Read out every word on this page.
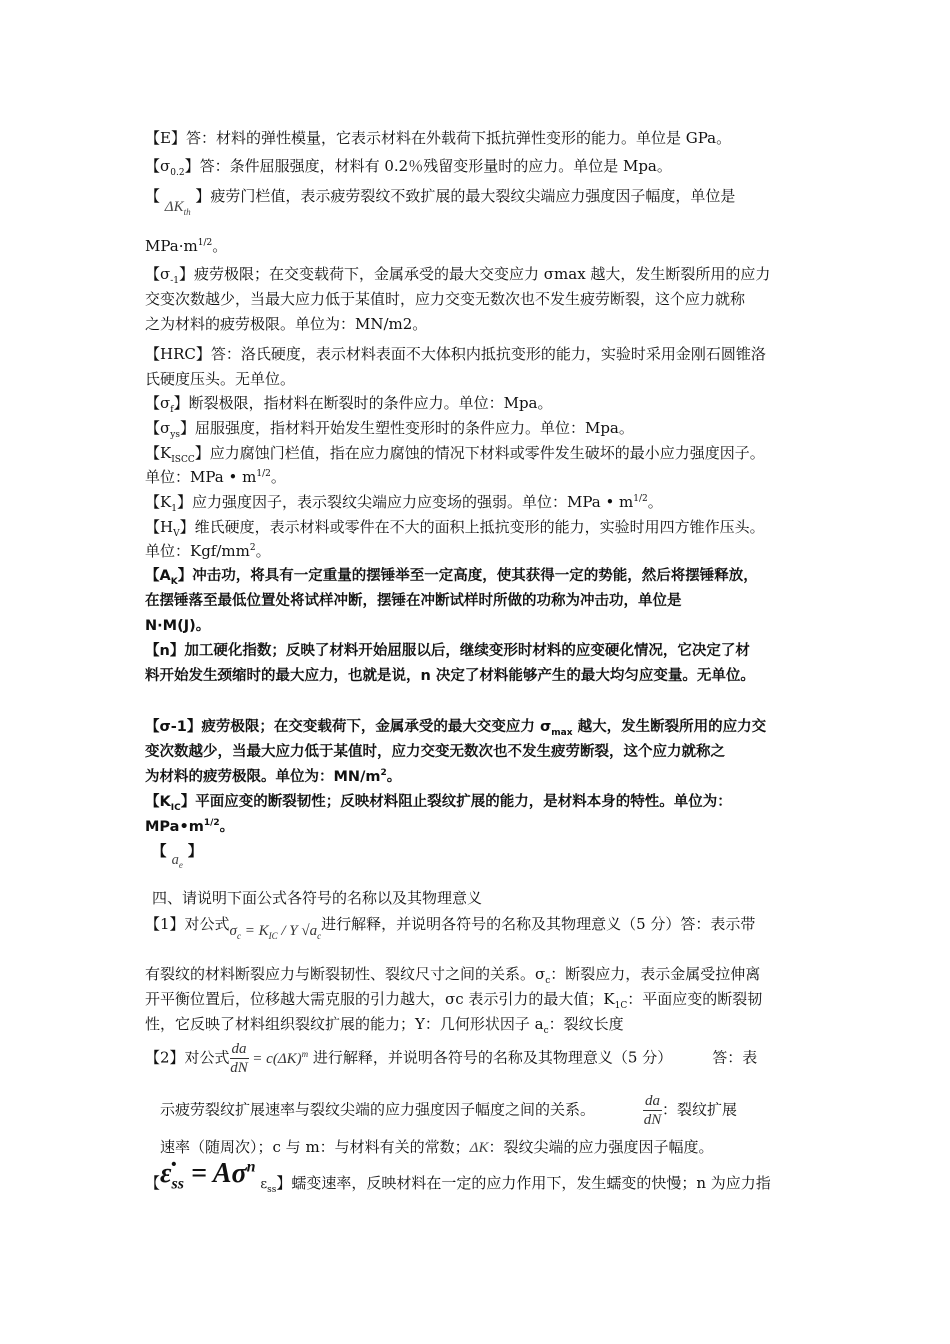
【E】答：材料的弹性模量，它表示材料在外载荷下抵抗弹性变形的能力。单位是 GPa。
【$\sigma_{0.2}$】答：条件屈服强度，材料有 0.2％残留变形量时的应力。单位是 Mpa。
【 $\Delta K_{th}$ 】疲劳门栏值，表示疲劳裂纹不致扩展的最大裂纹尖端应力强度因子幅度，单位是
$MPa\cdot m^{1/2}$。
【$\sigma_{-1}$】疲劳极限；在交变载荷下，金属承受的最大交变应力 σmax 越大，发生断裂所用的应力
交变次数越少，当最大应力低于某值时，应力交变无数次也不发生疲劳断裂，这个应力就称
之为材料的疲劳极限。单位为：MN/m2。
【HRC】答：洛氏硬度，表示材料表面不大体积内抵抗变形的能力，实验时采用金刚石圆锥洛
氏硬度压头。无单位。
【$\sigma_f$】断裂极限，指材料在断裂时的条件应力。单位：Mpa。
【$\sigma_{ys}$】屈服强度，指材料开始发生塑性变形时的条件应力。单位：Mpa。
【$K_{ISCC}$】应力腐蚀门栏值，指在应力腐蚀的情况下材料或零件发生破坏的最小应力强度因子。
单位：MPa • $m^{1/2}$。
【$K_1$】应力强度因子，表示裂纹尖端应力应变场的强弱。单位：MPa • $m^{1/2}$。
【$H_V$】维氏硬度，表示材料或零件在不大的面积上抵抗变形的能力，实验时用四方锥作压头。
单位：Kgf/$mm^2$。
【$A_K$】冲击功，将具有一定重量的摆锤举至一定高度，使其获得一定的势能，然后将摆锤释放，
在摆锤落至最低位置处将试样冲断，摆锤在冲断试样时所做的功称为冲击功，单位是
N·M(J)。
【n】加工硬化指数；反映了材料开始屈服以后，继续变形时材料的应变硬化情况，它决定了材
料开始发生颈缩时的最大应力，也就是说，n 决定了材料能够产生的最大均匀应变量。无单位。
【σ-1】疲劳极限；在交变载荷下，金属承受的最大交变应力 $\sigma_{max}$ 越大，发生断裂所用的应力交
变次数越少，当最大应力低于某值时，应力交变无数次也不发生疲劳断裂，这个应力就称之
为材料的疲劳极限。单位为：$MN/m^2$。
【$K_{IC}$】平面应变的断裂韧性；反映材料阻止裂纹扩展的能力，是材料本身的特性。单位为：
$MPa•m^{1/2}$。
【 $a_e$ 】
四、请说明下面公式各符号的名称以及其物理意义
【1】对公式$\sigma_c = K_{IC} / Y$ $√a_c$进行解释，并说明各符号的名称及其物理意义（5 分）答：表示带
有裂纹的材料断裂应力与断裂韧性、裂纹尺寸之间的关系。$\sigma_c$：断裂应力，表示金属受拉伸离
开平衡位置后，位移越大需克服的引力越大，σc 表示引力的最大值；$K_{1C}$：平面应变的断裂韧
性，它反映了材料组织裂纹扩展的能力；Y：几何形状因子 $a_c$：裂纹长度
【2】对公式 $\frac{da}{dN} = c(\Delta K)^m$ 进行解释，并说明各符号的名称及其物理意义（5 分）	答：表
示疲劳裂纹扩展速率与裂纹尖端的应力强度因子幅度之间的关系。	$\frac{da}{dN}$ ：裂纹扩展
速率（随周次）；c 与 m：与材料有关的常数；ΔK：裂纹尖端的应力强度因子幅度。
【$\varepsiloṅ_{ss} = A\sigma^n$ $\varepsilon_{ss}$】蠕变速率，反映材料在一定的应力作用下，发生蠕变的快慢；n 为应力指
